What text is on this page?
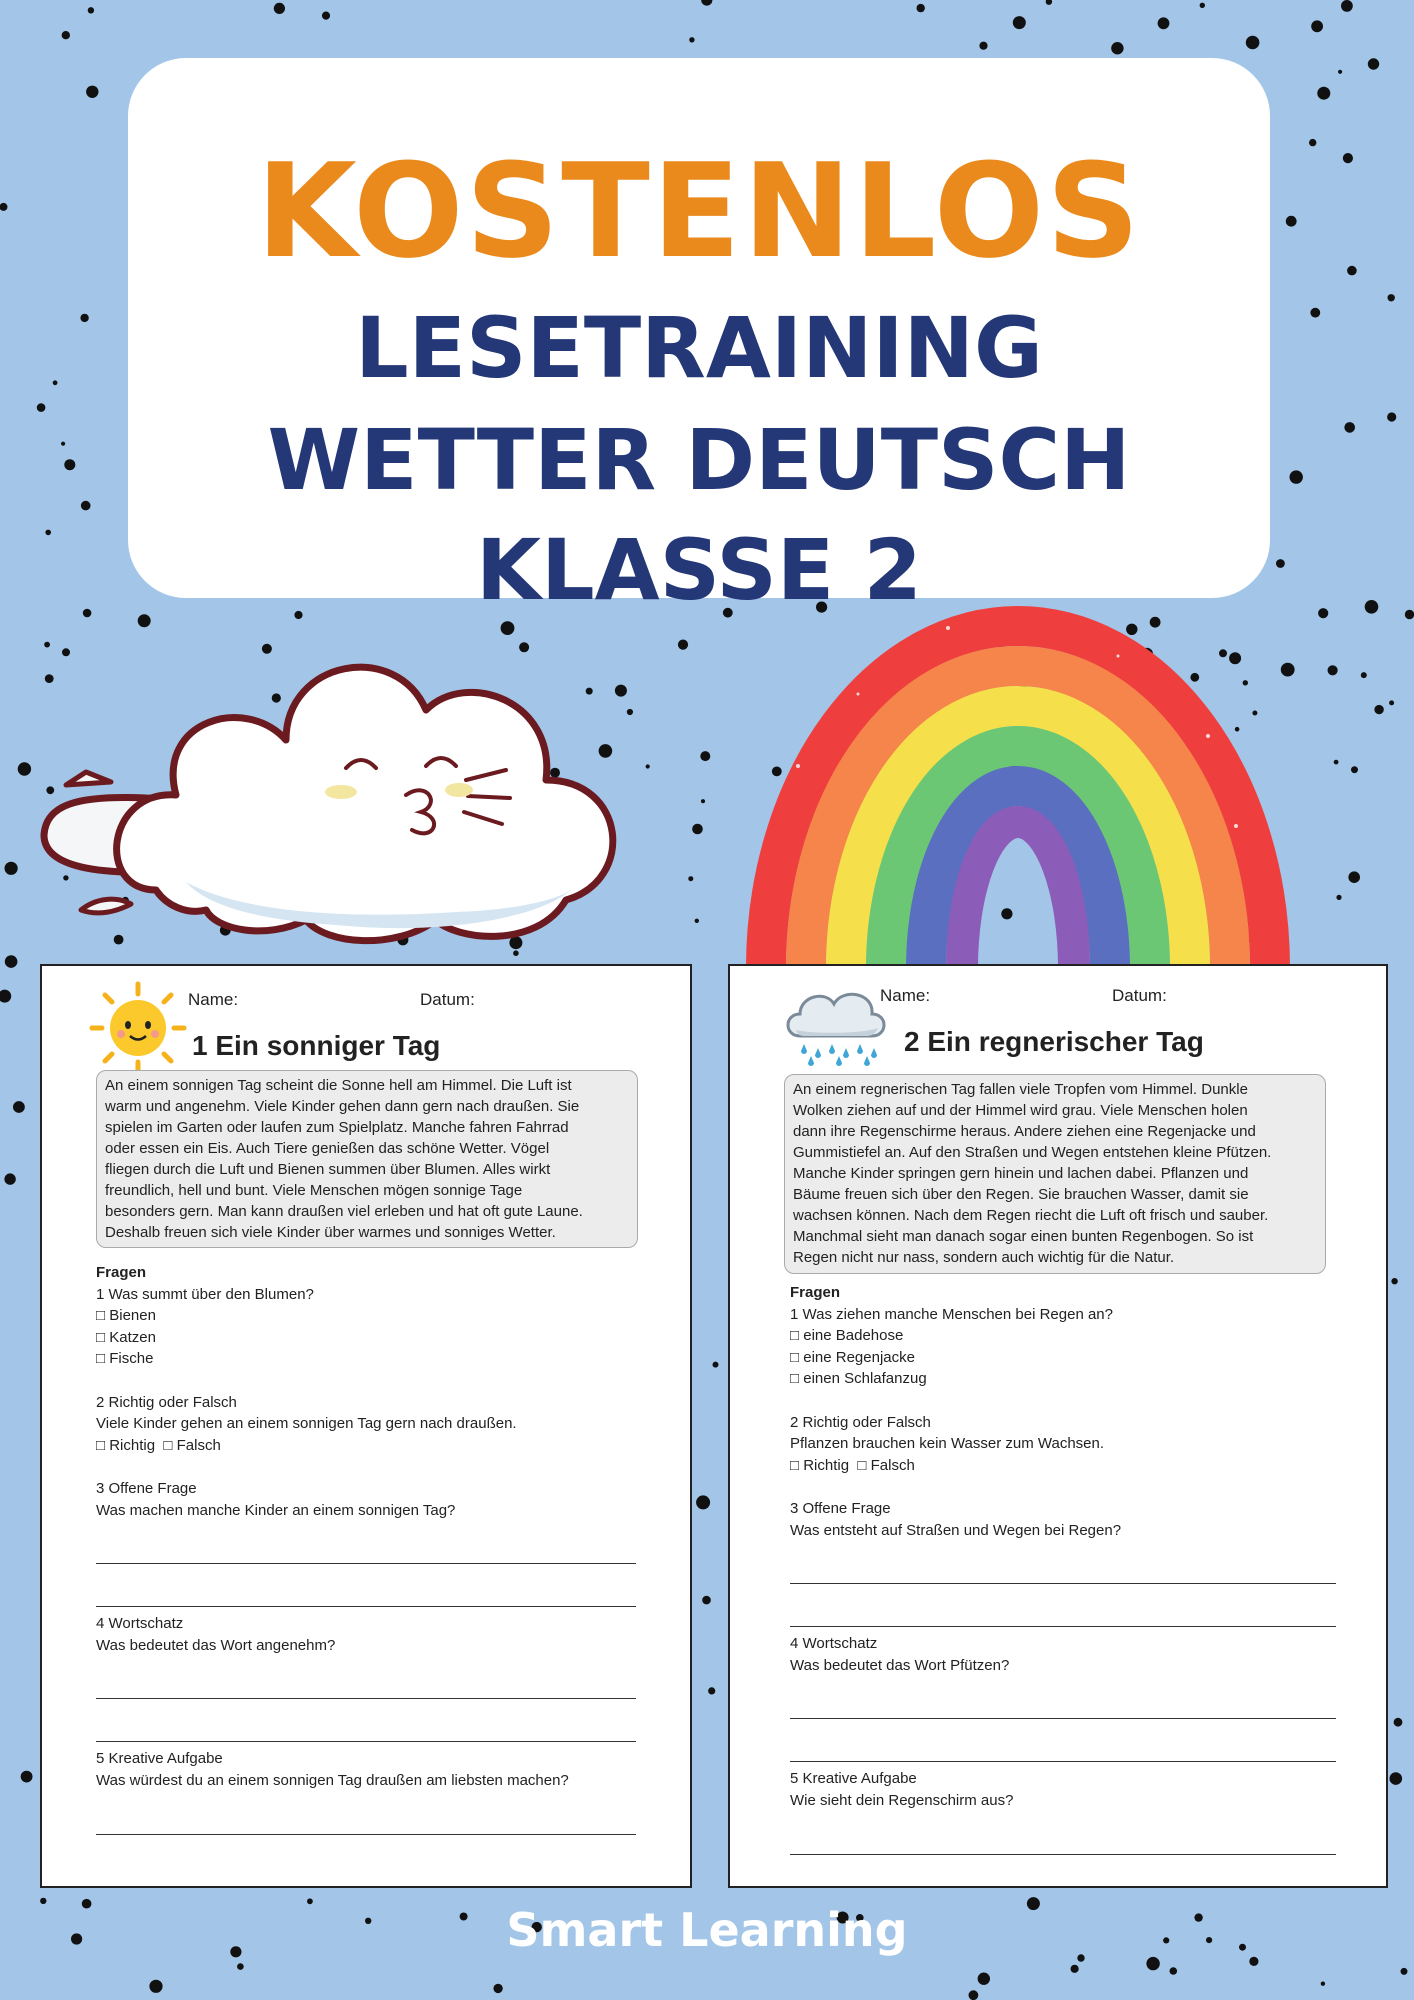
KOSTENLOS
LESETRAINING
WETTER DEUTSCH
KLASSE 2
Name:	Datum:
1 Ein sonniger Tag
An einem sonnigen Tag scheint die Sonne hell am Himmel. Die Luft ist
warm und angenehm. Viele Kinder gehen dann gern nach draußen. Sie
spielen im Garten oder laufen zum Spielplatz. Manche fahren Fahrrad
oder essen ein Eis. Auch Tiere genießen das schöne Wetter. Vögel
fliegen durch die Luft und Bienen summen über Blumen. Alles wirkt
freundlich, hell und bunt. Viele Menschen mögen sonnige Tage
besonders gern. Man kann draußen viel erleben und hat oft gute Laune.
Deshalb freuen sich viele Kinder über warmes und sonniges Wetter.
Fragen
1 Was summt über den Blumen?
□ Bienen
□ Katzen
□ Fische
2 Richtig oder Falsch
Viele Kinder gehen an einem sonnigen Tag gern nach draußen.
□ Richtig  □ Falsch
3 Offene Frage
Was machen manche Kinder an einem sonnigen Tag?
4 Wortschatz
Was bedeutet das Wort angenehm?
5 Kreative Aufgabe
Was würdest du an einem sonnigen Tag draußen am liebsten machen?
Name:	Datum:
2 Ein regnerischer Tag
An einem regnerischen Tag fallen viele Tropfen vom Himmel. Dunkle
Wolken ziehen auf und der Himmel wird grau. Viele Menschen holen
dann ihre Regenschirme heraus. Andere ziehen eine Regenjacke und
Gummistiefel an. Auf den Straßen und Wegen entstehen kleine Pfützen.
Manche Kinder springen gern hinein und lachen dabei. Pflanzen und
Bäume freuen sich über den Regen. Sie brauchen Wasser, damit sie
wachsen können. Nach dem Regen riecht die Luft oft frisch und sauber.
Manchmal sieht man danach sogar einen bunten Regenbogen. So ist
Regen nicht nur nass, sondern auch wichtig für die Natur.
Fragen
1 Was ziehen manche Menschen bei Regen an?
□ eine Badehose
□ eine Regenjacke
□ einen Schlafanzug
2 Richtig oder Falsch
Pflanzen brauchen kein Wasser zum Wachsen.
□ Richtig  □ Falsch
3 Offene Frage
Was entsteht auf Straßen und Wegen bei Regen?
4 Wortschatz
Was bedeutet das Wort Pfützen?
5 Kreative Aufgabe
Wie sieht dein Regenschirm aus?
Smart Learning
